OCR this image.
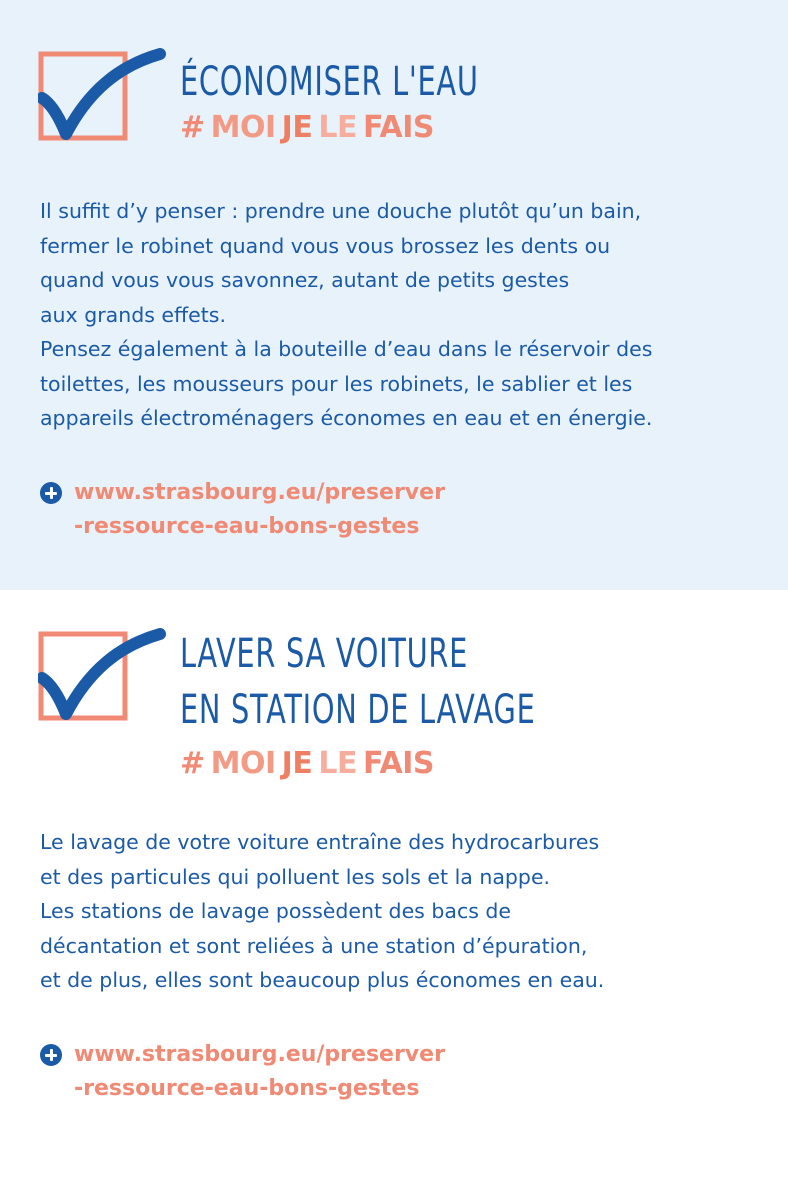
ÉCONOMISER L'EAU
# MOI JE LE FAIS
Il suffit d’y penser : prendre une douche plutôt qu’un bain,
fermer le robinet quand vous vous brossez les dents ou
quand vous vous savonnez, autant de petits gestes
aux grands effets.
Pensez également à la bouteille d’eau dans le réservoir des
toilettes, les mousseurs pour les robinets, le sablier et les
appareils électroménagers économes en eau et en énergie.
www.strasbourg.eu/preserver
-ressource-eau-bons-gestes
LAVER SA VOITURE
EN STATION DE LAVAGE
# MOI JE LE FAIS
Le lavage de votre voiture entraîne des hydrocarbures
et des particules qui polluent les sols et la nappe.
Les stations de lavage possèdent des bacs de
décantation et sont reliées à une station d’épuration,
et de plus, elles sont beaucoup plus économes en eau.
www.strasbourg.eu/preserver
-ressource-eau-bons-gestes
